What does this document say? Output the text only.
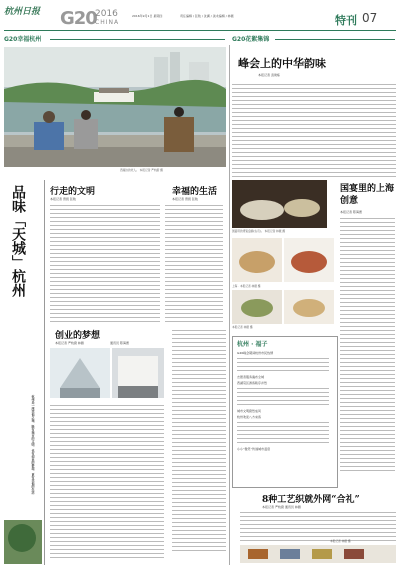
杭州日报 G20
2016
CHINA
2016年9月1日 星期四	责任编辑 / 张航 / 沈翼 / 美术编辑 / 林薇	特刊 07
G20幸福杭州	G20花絮集锦
西湖边的老人。 本报记者 严杭蔚 摄
品味「天城」杭州
杭州是一座幸福之城，既有城市的文明，也有创业的梦想，更有幸福的生活
行走的文明
本报记者 曾毅 张航
幸福的生活
本报记者 曾毅 张航
创业的梦想
本报记者 严杭蔚 林薇	通讯员 陈海惠
峰会上的中华韵味
本报记者 袁建栋
国宴用的青瓷盘碗(右页)。 本报记者 林薇 摄
国宴里的上海创意
本报记者 陈海惠
上海 · 本报记者 林薇 摄
本报记者 林薇 摄
杭州 · 福子
G20峰会期间杭州市民热情
志愿者服务遍布全城
西湖景区游客秩序井然
城市文明蔚然成风
杭州欢迎八方来客
小小“微笑”传递城市温度
8种工艺织就外网“合礼”
本报记者 严杭蔚 通讯员 林薇
本报记者 林薇 摄
